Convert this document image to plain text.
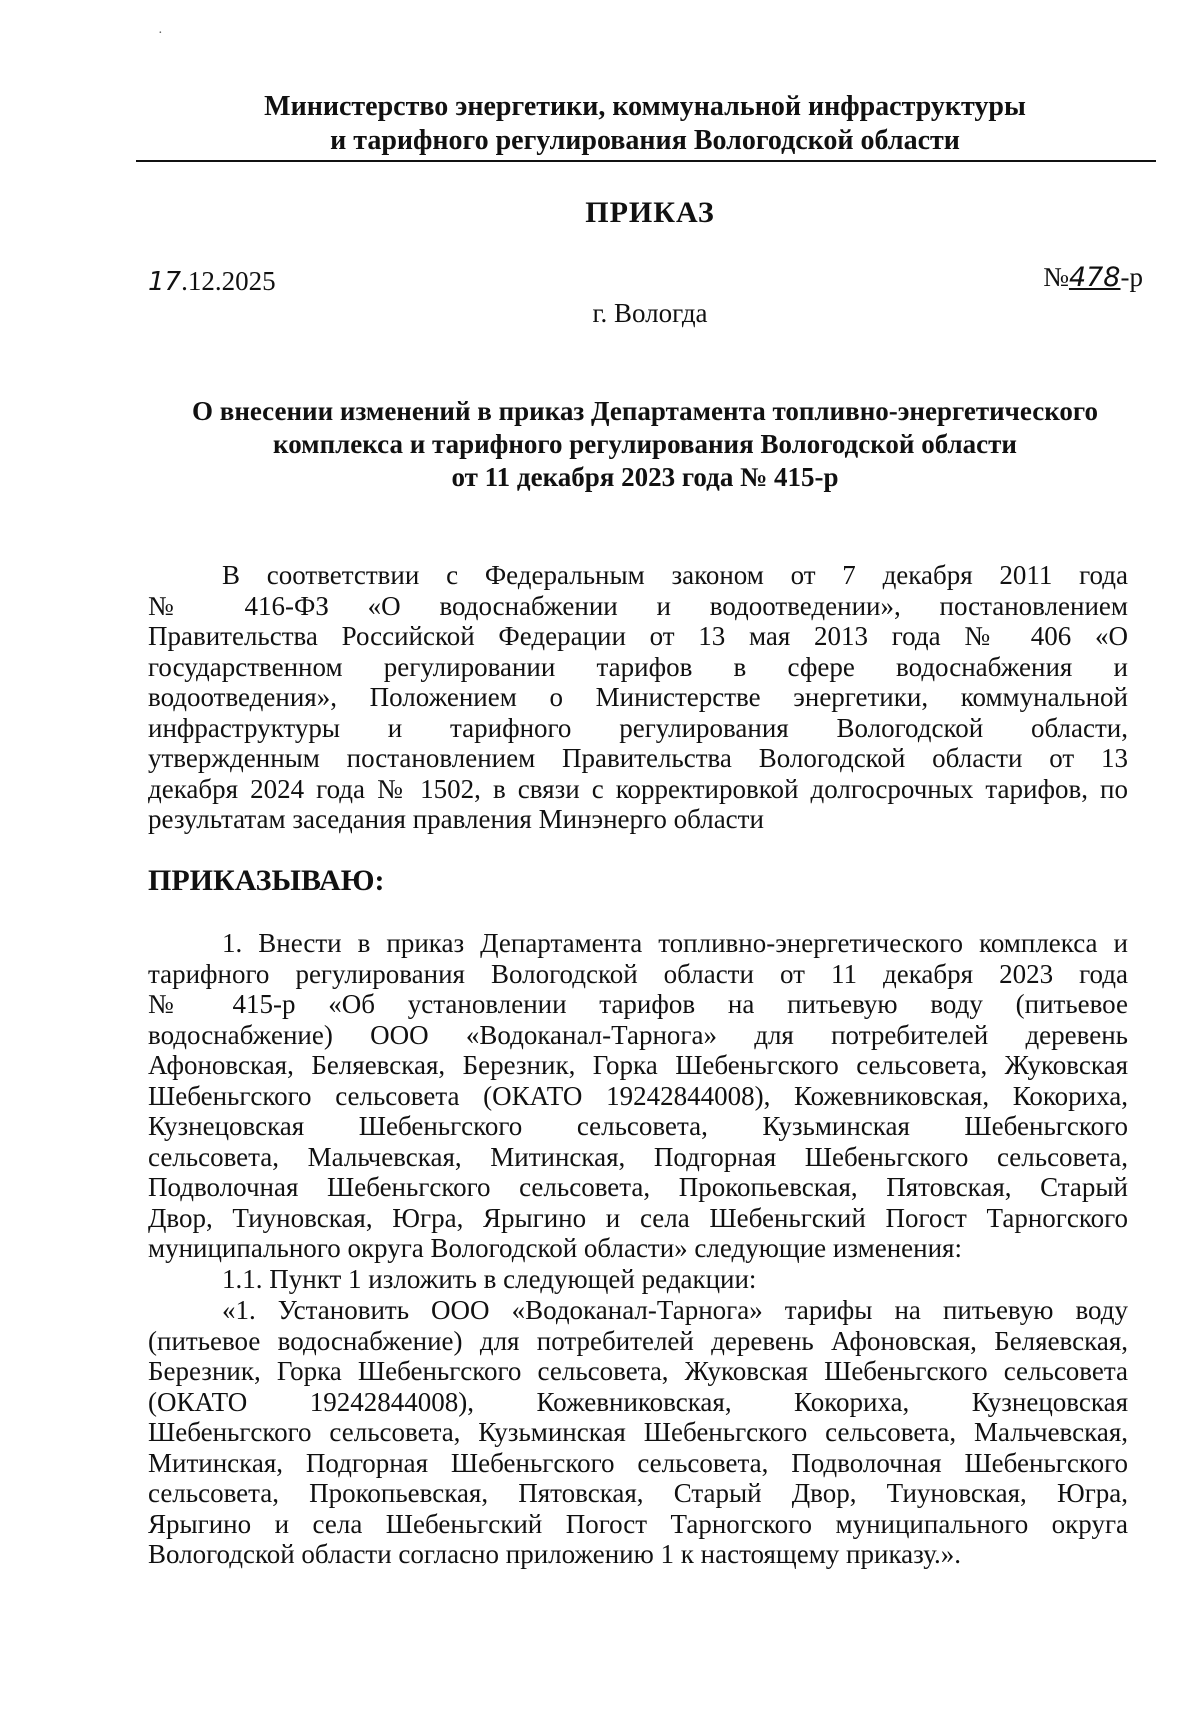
·
Министерство энергетики, коммунальной инфраструктуры
и тарифного регулирования Вологодской области
ПРИКАЗ
17.12.2025	№478-р
г. Вологда
О внесении изменений в приказ Департамента топливно-энергетического
комплекса и тарифного регулирования Вологодской области
от 11 декабря 2023 года № 415-р
В соответствии с Федеральным законом от 7 декабря 2011 года
№ 416-ФЗ «О водоснабжении и водоотведении», постановлением
Правительства Российской Федерации от 13 мая 2013 года № 406 «О
государственном регулировании тарифов в сфере водоснабжения и
водоотведения», Положением о Министерстве энергетики, коммунальной
инфраструктуры и тарифного регулирования Вологодской области,
утвержденным постановлением Правительства Вологодской области от 13
декабря 2024 года № 1502, в связи с корректировкой долгосрочных тарифов, по
результатам заседания правления Минэнерго области
ПРИКАЗЫВАЮ:
1. Внести в приказ Департамента топливно-энергетического комплекса и
тарифного регулирования Вологодской области от 11 декабря 2023 года
№ 415-р «Об установлении тарифов на питьевую воду (питьевое
водоснабжение) ООО «Водоканал-Тарнога» для потребителей деревень
Афоновская, Беляевская, Березник, Горка Шебеньгского сельсовета, Жуковская
Шебеньгского сельсовета (ОКАТО 19242844008), Кожевниковская, Кокориха,
Кузнецовская Шебеньгского сельсовета, Кузьминская Шебеньгского
сельсовета, Мальчевская, Митинская, Подгорная Шебеньгского сельсовета,
Подволочная Шебеньгского сельсовета, Прокопьевская, Пятовская, Старый
Двор, Тиуновская, Югра, Ярыгино и села Шебеньгский Погост Тарногского
муниципального округа Вологодской области» следующие изменения:
1.1. Пункт 1 изложить в следующей редакции:
«1. Установить ООО «Водоканал-Тарнога» тарифы на питьевую воду
(питьевое водоснабжение) для потребителей деревень Афоновская, Беляевская,
Березник, Горка Шебеньгского сельсовета, Жуковская Шебеньгского сельсовета
(ОКАТО 19242844008), Кожевниковская, Кокориха, Кузнецовская
Шебеньгского сельсовета, Кузьминская Шебеньгского сельсовета, Мальчевская,
Митинская, Подгорная Шебеньгского сельсовета, Подволочная Шебеньгского
сельсовета, Прокопьевская, Пятовская, Старый Двор, Тиуновская, Югра,
Ярыгино и села Шебеньгский Погост Тарногского муниципального округа
Вологодской области согласно приложению 1 к настоящему приказу.».
